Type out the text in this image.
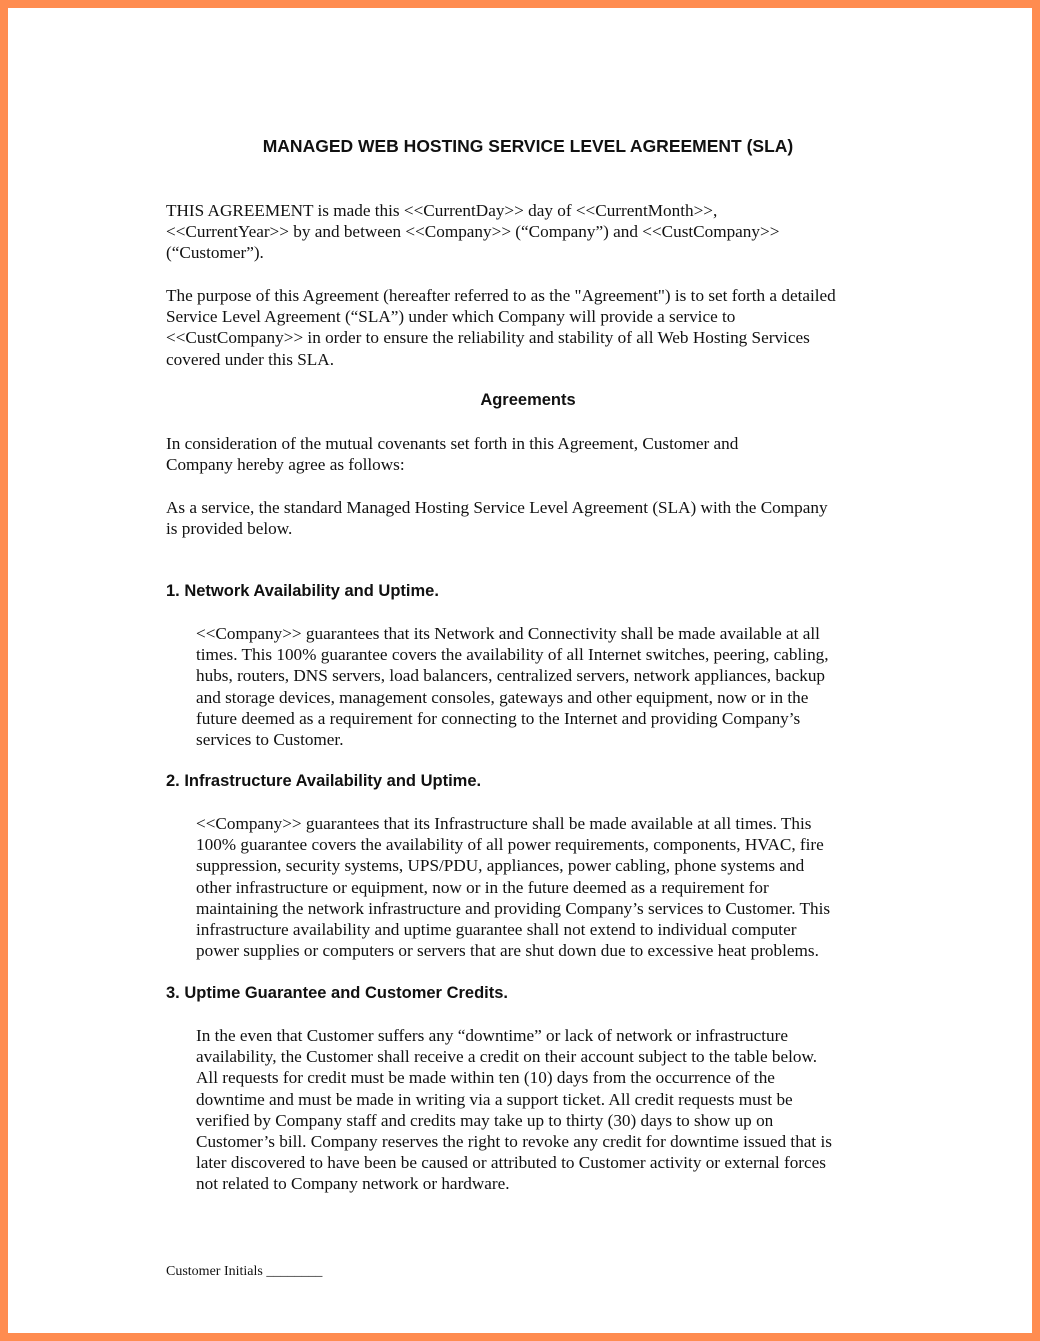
MANAGED WEB HOSTING SERVICE LEVEL AGREEMENT (SLA)
THIS AGREEMENT is made this <<CurrentDay>> day of <<CurrentMonth>>,
<<CurrentYear>> by and between <<Company>> (“Company”) and <<CustCompany>>
(“Customer”).
The purpose of this Agreement (hereafter referred to as the "Agreement") is to set forth a detailed
Service Level Agreement (“SLA”) under which Company will provide a service to
<<CustCompany>> in order to ensure the reliability and stability of all Web Hosting Services
covered under this SLA.
Agreements
In consideration of the mutual covenants set forth in this Agreement, Customer and
Company hereby agree as follows:
As a service, the standard Managed Hosting Service Level Agreement (SLA) with the Company
is provided below.
1. Network Availability and Uptime.
<<Company>> guarantees that its Network and Connectivity shall be made available at all
times. This 100% guarantee covers the availability of all Internet switches, peering, cabling,
hubs, routers, DNS servers, load balancers, centralized servers, network appliances, backup
and storage devices, management consoles, gateways and other equipment, now or in the
future deemed as a requirement for connecting to the Internet and providing Company’s
services to Customer.
2. Infrastructure Availability and Uptime.
<<Company>> guarantees that its Infrastructure shall be made available at all times. This
100% guarantee covers the availability of all power requirements, components, HVAC, fire
suppression, security systems, UPS/PDU, appliances, power cabling, phone systems and
other infrastructure or equipment, now or in the future deemed as a requirement for
maintaining the network infrastructure and providing Company’s services to Customer. This
infrastructure availability and uptime guarantee shall not extend to individual computer
power supplies or computers or servers that are shut down due to excessive heat problems.
3. Uptime Guarantee and Customer Credits.
In the even that Customer suffers any “downtime” or lack of network or infrastructure
availability, the Customer shall receive a credit on their account subject to the table below.
All requests for credit must be made within ten (10) days from the occurrence of the
downtime and must be made in writing via a support ticket. All credit requests must be
verified by Company staff and credits may take up to thirty (30) days to show up on
Customer’s bill. Company reserves the right to revoke any credit for downtime issued that is
later discovered to have been be caused or attributed to Customer activity or external forces
not related to Company network or hardware.
Customer Initials ________
